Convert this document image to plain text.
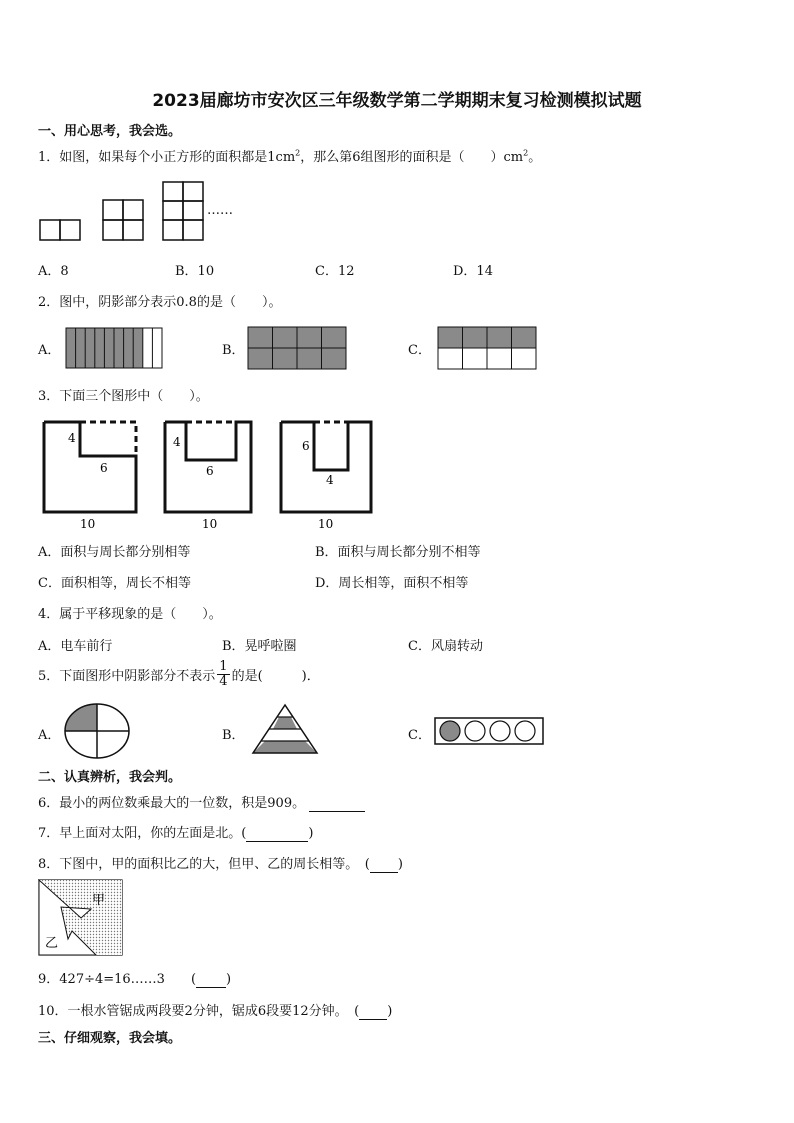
2023届廊坊市安次区三年级数学第二学期期末复习检测模拟试题
一、用心思考，我会选。
1．如图，如果每个小正方形的面积都是$1cm^2$，那么第6组图形的面积是（　　）$cm^2$。
……
A．8	B．10	C．12	D．14
2．图中，阴影部分表示0.8的是（　　）。
A．	B．	C．
3．下面三个图形中（　　）。
4
6
10
4
6
10
6
4
10
A．面积与周长都分别相等	B．面积与周长都分别不相等
C．面积相等，周长不相等	D．周长相等，面积不相等
4．属于平移现象的是（　　）。
A．电车前行	B．晃呼啦圈	C．风扇转动
5．下面图形中阴影部分不表示 $\frac{1}{4}$ 的是(　　　)．
A．	B．	C．
二、认真辨析，我会判。
6．最小的两位数乘最大的一位数，积是909。
7．早上面对太阳，你的左面是北。(	)
8．下图中，甲的面积比乙的大，但甲、乙的周长相等。　( )
甲
乙
9．427÷4=16……3　　( )
10．一根水管锯成两段要2分钟，锯成6段要12分钟。　( )
三、仔细观察，我会填。
